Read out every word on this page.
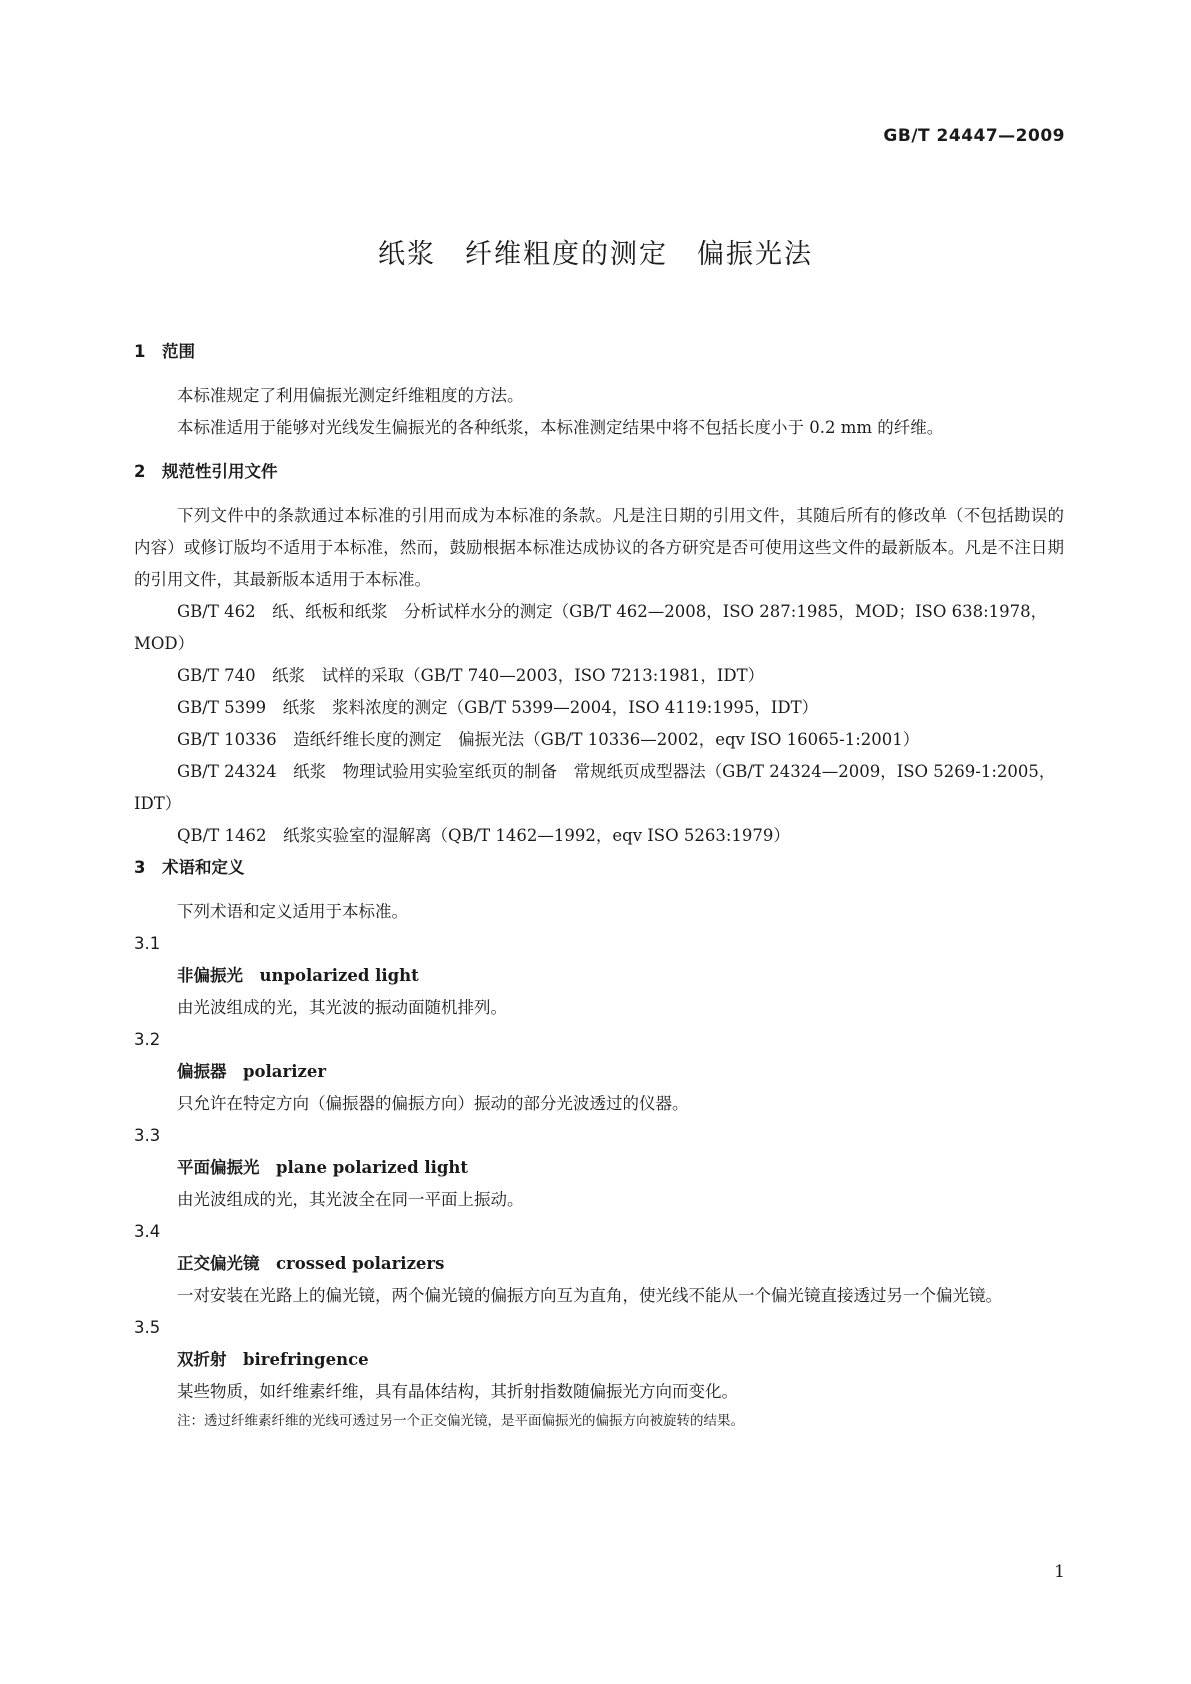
GB/T 24447—2009
纸浆　纤维粗度的测定　偏振光法
1　范围

本标准规定了利用偏振光测定纤维粗度的方法。

本标准适用于能够对光线发生偏振光的各种纸浆，本标准测定结果中将不包括长度小于 0.2 mm 的纤维。

2　规范性引用文件

下列文件中的条款通过本标准的引用而成为本标准的条款。凡是注日期的引用文件，其随后所有的修改单（不包括勘误的内容）或修订版均不适用于本标准，然而，鼓励根据本标准达成协议的各方研究是否可使用这些文件的最新版本。凡是不注日期的引用文件，其最新版本适用于本标准。

GB/T 462　纸、纸板和纸浆　分析试样水分的测定（GB/T 462—2008，ISO 287:1985，MOD；ISO 638:1978，MOD）

GB/T 740　纸浆　试样的采取（GB/T 740—2003，ISO 7213:1981，IDT）

GB/T 5399　纸浆　浆料浓度的测定（GB/T 5399—2004，ISO 4119:1995，IDT）

GB/T 10336　造纸纤维长度的测定　偏振光法（GB/T 10336—2002，eqv ISO 16065-1:2001）

GB/T 24324　纸浆　物理试验用实验室纸页的制备　常规纸页成型器法（GB/T 24324—2009，ISO 5269-1:2005，IDT）

QB/T 1462　纸浆实验室的湿解离（QB/T 1462—1992，eqv ISO 5263:1979）

3　术语和定义

下列术语和定义适用于本标准。

3.1
非偏振光　 unpolarized light

由光波组成的光，其光波的振动面随机排列。

3.2
偏振器　 polarizer

只允许在特定方向（偏振器的偏振方向）振动的部分光波透过的仪器。

3.3
平面偏振光　 plane polarized light

由光波组成的光，其光波全在同一平面上振动。

3.4
正交偏光镜　 crossed polarizers

一对安装在光路上的偏光镜，两个偏光镜的偏振方向互为直角，使光线不能从一个偏光镜直接透过另一个偏光镜。

3.5
双折射　 birefringence

某些物质，如纤维素纤维，具有晶体结构，其折射指数随偏振光方向而变化。

注：透过纤维素纤维的光线可透过另一个正交偏光镜，是平面偏振光的偏振方向被旋转的结果。
1
